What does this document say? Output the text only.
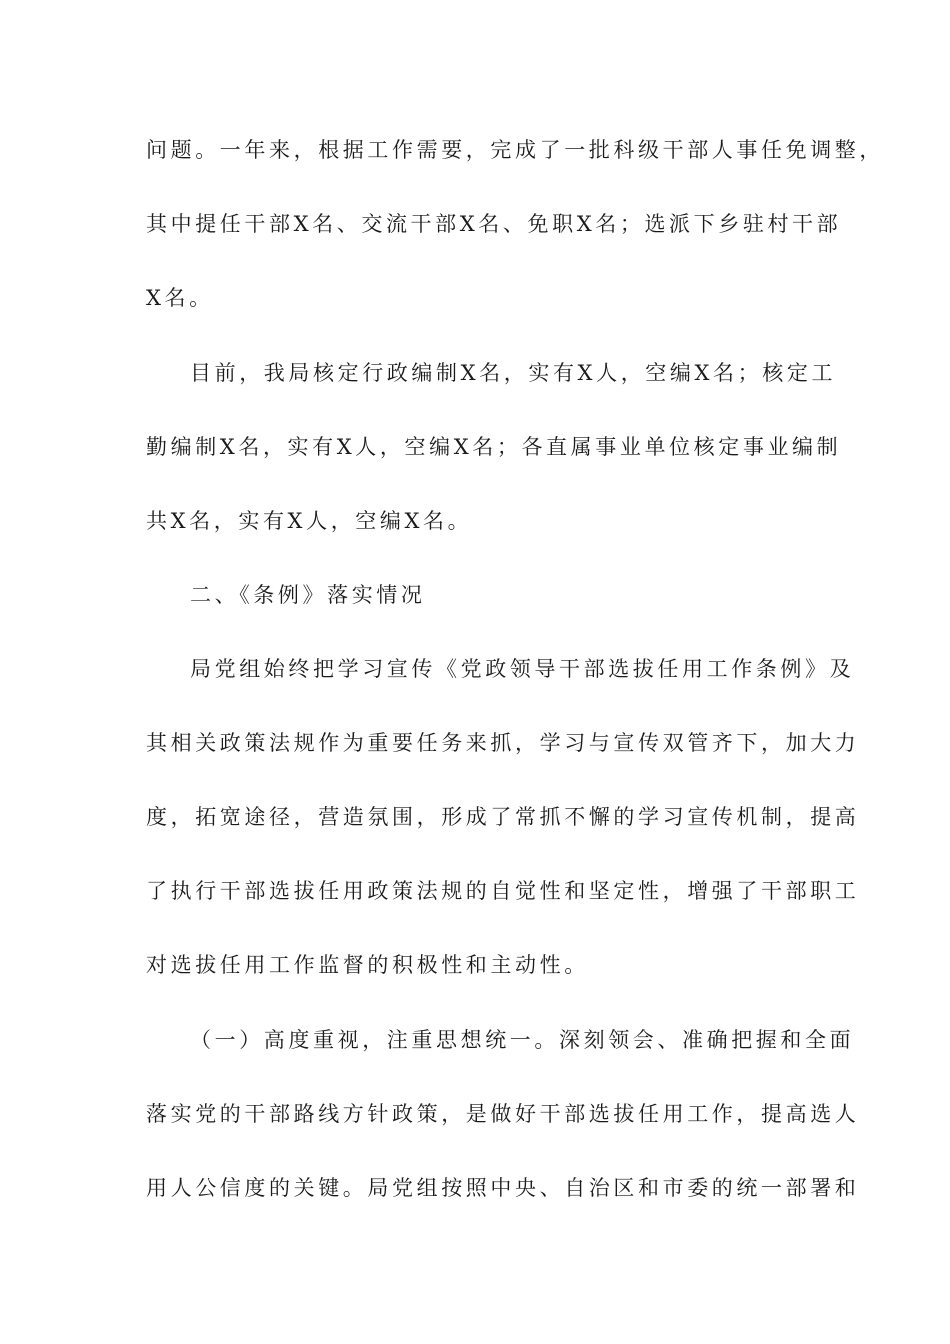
问题。一年来，根据工作需要，完成了一批科级干部人事任免调整，
其中提任干部X名、交流干部X名、免职X名；选派下乡驻村干部
X名。
目前，我局核定行政编制X名，实有X人，空编X名；核定工
勤编制X名，实有X人，空编X名；各直属事业单位核定事业编制
共X名，实有X人，空编X名。
二、《条例》落实情况
局党组始终把学习宣传《党政领导干部选拔任用工作条例》及
其相关政策法规作为重要任务来抓，学习与宣传双管齐下，加大力
度，拓宽途径，营造氛围，形成了常抓不懈的学习宣传机制，提高
了执行干部选拔任用政策法规的自觉性和坚定性，增强了干部职工
对选拔任用工作监督的积极性和主动性。
（一）高度重视，注重思想统一。深刻领会、准确把握和全面
落实党的干部路线方针政策，是做好干部选拔任用工作，提高选人
用人公信度的关键。局党组按照中央、自治区和市委的统一部署和
